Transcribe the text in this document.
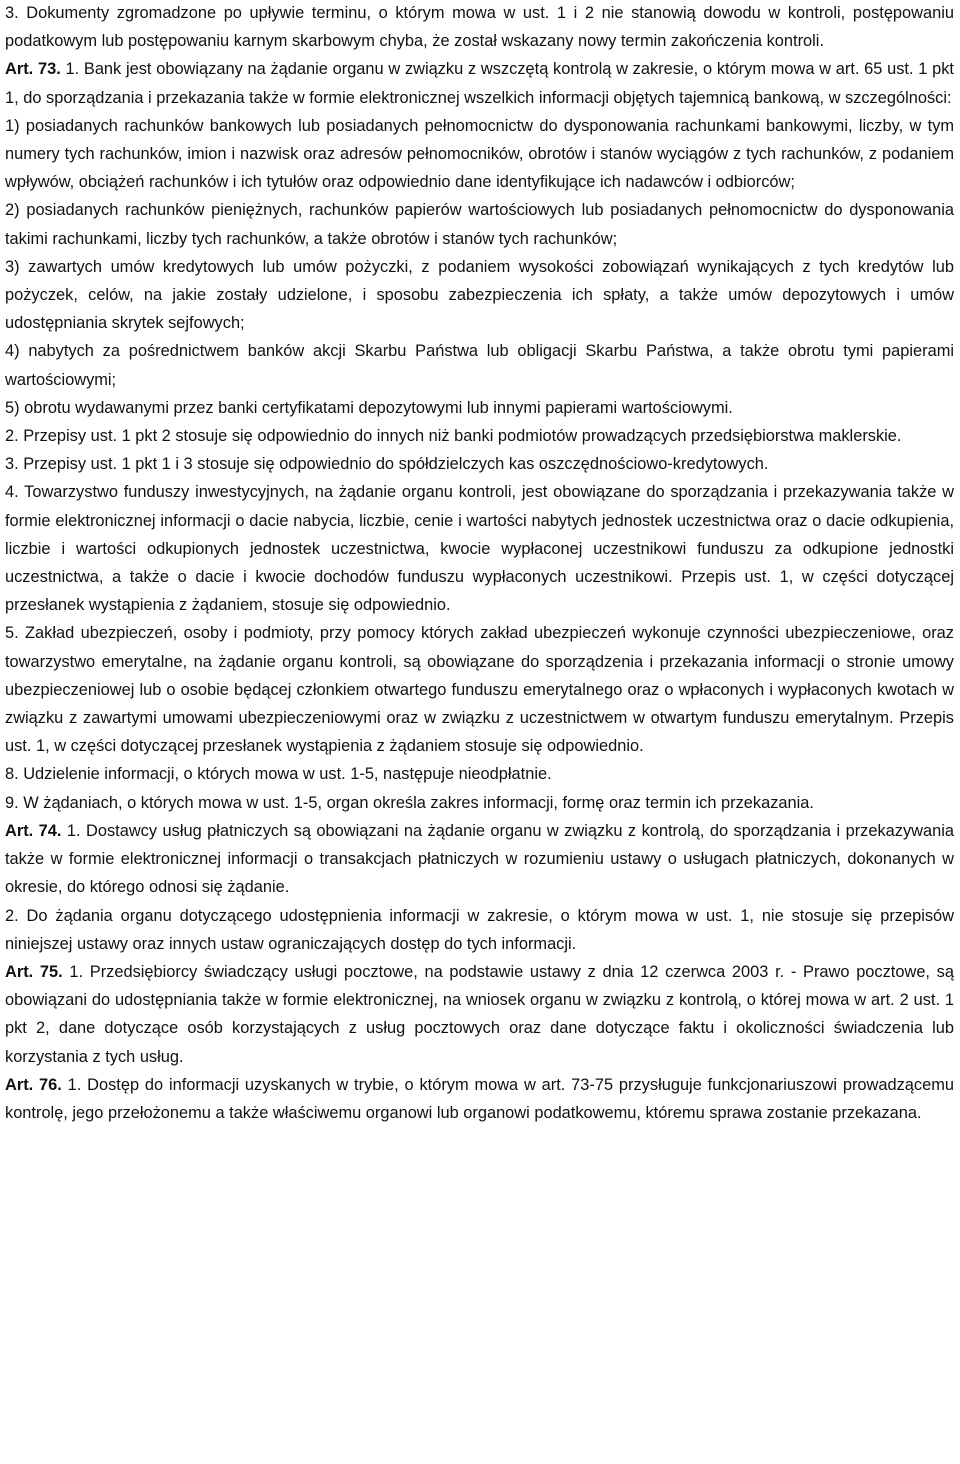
3. Dokumenty zgromadzone po upływie terminu, o którym mowa w ust. 1 i 2 nie stanowią dowodu w kontroli, postępowaniu podatkowym lub postępowaniu karnym skarbowym chyba, że został wskazany nowy termin zakończenia kontroli.

Art. 73. 1. Bank jest obowiązany na żądanie organu w związku z wszczętą kontrolą w zakresie, o którym mowa w art. 65 ust. 1 pkt 1, do sporządzania i przekazania także w formie elektronicznej wszelkich informacji objętych tajemnicą bankową, w szczególności:

1) posiadanych rachunków bankowych lub posiadanych pełnomocnictw do dysponowania rachunkami bankowymi, liczby, w tym numery tych rachunków, imion i nazwisk oraz adresów pełnomocników, obrotów i stanów wyciągów z tych rachunków, z podaniem wpływów, obciążeń rachunków i ich tytułów oraz odpowiednio dane identyfikujące ich nadawców i odbiorców;

2) posiadanych rachunków pieniężnych, rachunków papierów wartościowych lub posiadanych pełnomocnictw do dysponowania takimi rachunkami, liczby tych rachunków, a także obrotów i stanów tych rachunków;

3) zawartych umów kredytowych lub umów pożyczki, z podaniem wysokości zobowiązań wynikających z tych kredytów lub pożyczek, celów, na jakie zostały udzielone, i sposobu zabezpieczenia ich spłaty, a także umów depozytowych i umów udostępniania skrytek sejfowych;

4) nabytych za pośrednictwem banków akcji Skarbu Państwa lub obligacji Skarbu Państwa, a także obrotu tymi papierami wartościowymi;

5) obrotu wydawanymi przez banki certyfikatami depozytowymi lub innymi papierami wartościowymi.

2. Przepisy ust. 1 pkt 2 stosuje się odpowiednio do innych niż banki podmiotów prowadzących przedsiębiorstwa maklerskie.

3. Przepisy ust. 1 pkt 1 i 3 stosuje się odpowiednio do spółdzielczych kas oszczędnościowo-kredytowych.

4. Towarzystwo funduszy inwestycyjnych, na żądanie organu kontroli, jest obowiązane do sporządzania i przekazywania także w formie elektronicznej informacji o dacie nabycia, liczbie, cenie i wartości nabytych jednostek uczestnictwa oraz o dacie odkupienia, liczbie i wartości odkupionych jednostek uczestnictwa, kwocie wypłaconej uczestnikowi funduszu za odkupione jednostki uczestnictwa, a także o dacie i kwocie dochodów funduszu wypłaconych uczestnikowi. Przepis ust. 1, w części dotyczącej przesłanek wystąpienia z żądaniem, stosuje się odpowiednio.

5. Zakład ubezpieczeń, osoby i podmioty, przy pomocy których zakład ubezpieczeń wykonuje czynności ubezpieczeniowe, oraz towarzystwo emerytalne, na żądanie organu kontroli, są obowiązane do sporządzenia i przekazania informacji o stronie umowy ubezpieczeniowej lub o osobie będącej członkiem otwartego funduszu emerytalnego oraz o wpłaconych i wypłaconych kwotach w związku z zawartymi umowami ubezpieczeniowymi oraz w związku z uczestnictwem w otwartym funduszu emerytalnym. Przepis ust. 1, w części dotyczącej przesłanek wystąpienia z żądaniem stosuje się odpowiednio.

8. Udzielenie informacji, o których mowa w ust. 1-5, następuje nieodpłatnie.

9. W żądaniach, o których mowa w ust. 1-5, organ określa zakres informacji, formę oraz termin ich przekazania.

Art. 74. 1. Dostawcy usług płatniczych są obowiązani na żądanie organu w związku z kontrolą, do sporządzania i przekazywania także w formie elektronicznej informacji o transakcjach płatniczych w rozumieniu ustawy o usługach płatniczych, dokonanych w okresie, do którego odnosi się żądanie.

2. Do żądania organu dotyczącego udostępnienia informacji w zakresie, o którym mowa w ust. 1, nie stosuje się przepisów niniejszej ustawy oraz innych ustaw ograniczających dostęp do tych informacji.

Art. 75. 1. Przedsiębiorcy świadczący usługi pocztowe, na podstawie ustawy z dnia 12 czerwca 2003 r. - Prawo pocztowe, są obowiązani do udostępniania także w formie elektronicznej, na wniosek organu w związku z kontrolą, o której mowa w art. 2 ust. 1 pkt 2, dane dotyczące osób korzystających z usług pocztowych oraz dane dotyczące faktu i okoliczności świadczenia lub korzystania z tych usług.

Art. 76. 1. Dostęp do informacji uzyskanych w trybie, o którym mowa w art. 73-75 przysługuje funkcjonariuszowi prowadzącemu kontrolę, jego przełożonemu a także właściwemu organowi lub organowi podatkowemu, któremu sprawa zostanie przekazana.
